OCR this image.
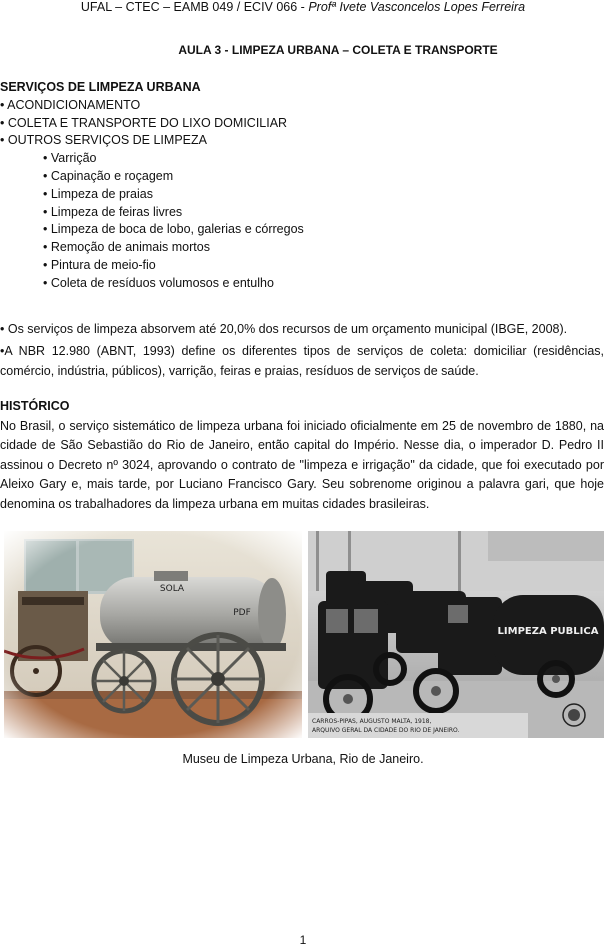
UFAL – CTEC – EAMB 049 / ECIV 066 - Profª Ivete Vasconcelos Lopes Ferreira
AULA 3 - LIMPEZA URBANA – COLETA E TRANSPORTE
SERVIÇOS DE LIMPEZA URBANA
• ACONDICIONAMENTO
• COLETA E TRANSPORTE DO LIXO DOMICILIAR
• OUTROS SERVIÇOS DE LIMPEZA
• Varrição
• Capinação e roçagem
• Limpeza de praias
• Limpeza de feiras livres
• Limpeza de boca de lobo, galerias e córregos
• Remoção de animais mortos
• Pintura de meio-fio
• Coleta de resíduos volumosos e entulho
• Os serviços de limpeza absorvem até 20,0% dos recursos de um orçamento municipal (IBGE, 2008).
•A NBR 12.980 (ABNT, 1993) define os diferentes tipos de serviços de coleta: domiciliar (residências, comércio, indústria, públicos), varrição, feiras e praias, resíduos de serviços de saúde.
HISTÓRICO
No Brasil, o serviço sistemático de limpeza urbana foi iniciado oficialmente em 25 de novembro de 1880, na cidade de São Sebastião do Rio de Janeiro, então capital do Império. Nesse dia, o imperador D. Pedro II assinou o Decreto nº 3024, aprovando o contrato de "limpeza e irrigação" da cidade, que foi executado por Aleixo Gary e, mais tarde, por Luciano Francisco Gary. Seu sobrenome originou a palavra gari, que hoje denomina os trabalhadores da limpeza urbana em muitas cidades brasileiras.
LIMPEZA PUBLICA
CARROS-PIPAS, AUGUSTO MALTA, 1918,
ARQUIVO GERAL DA CIDADE DO RIO DE JANEIRO.
Museu de Limpeza Urbana, Rio de Janeiro.
1
